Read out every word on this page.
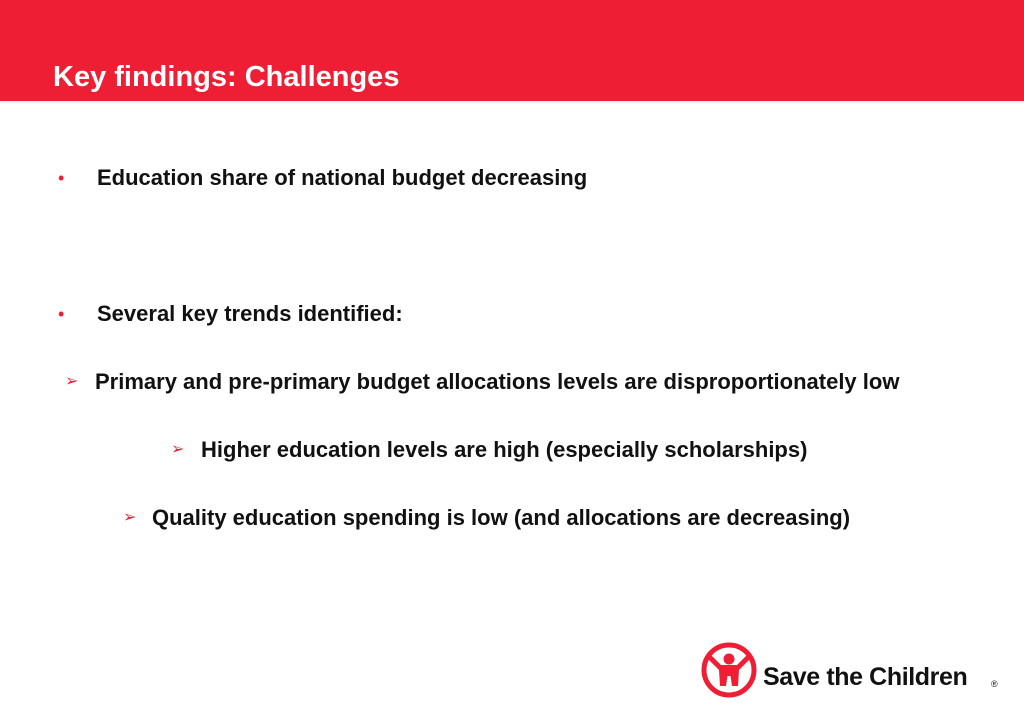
Key findings: Challenges
• Education share of national budget decreasing
• Several key trends identified:
➢ Primary and pre-primary budget allocations levels are disproportionately low
➢ Higher education levels are high (especially scholarships)
➢ Quality education spending is low (and allocations are decreasing)
Save the Children	®
